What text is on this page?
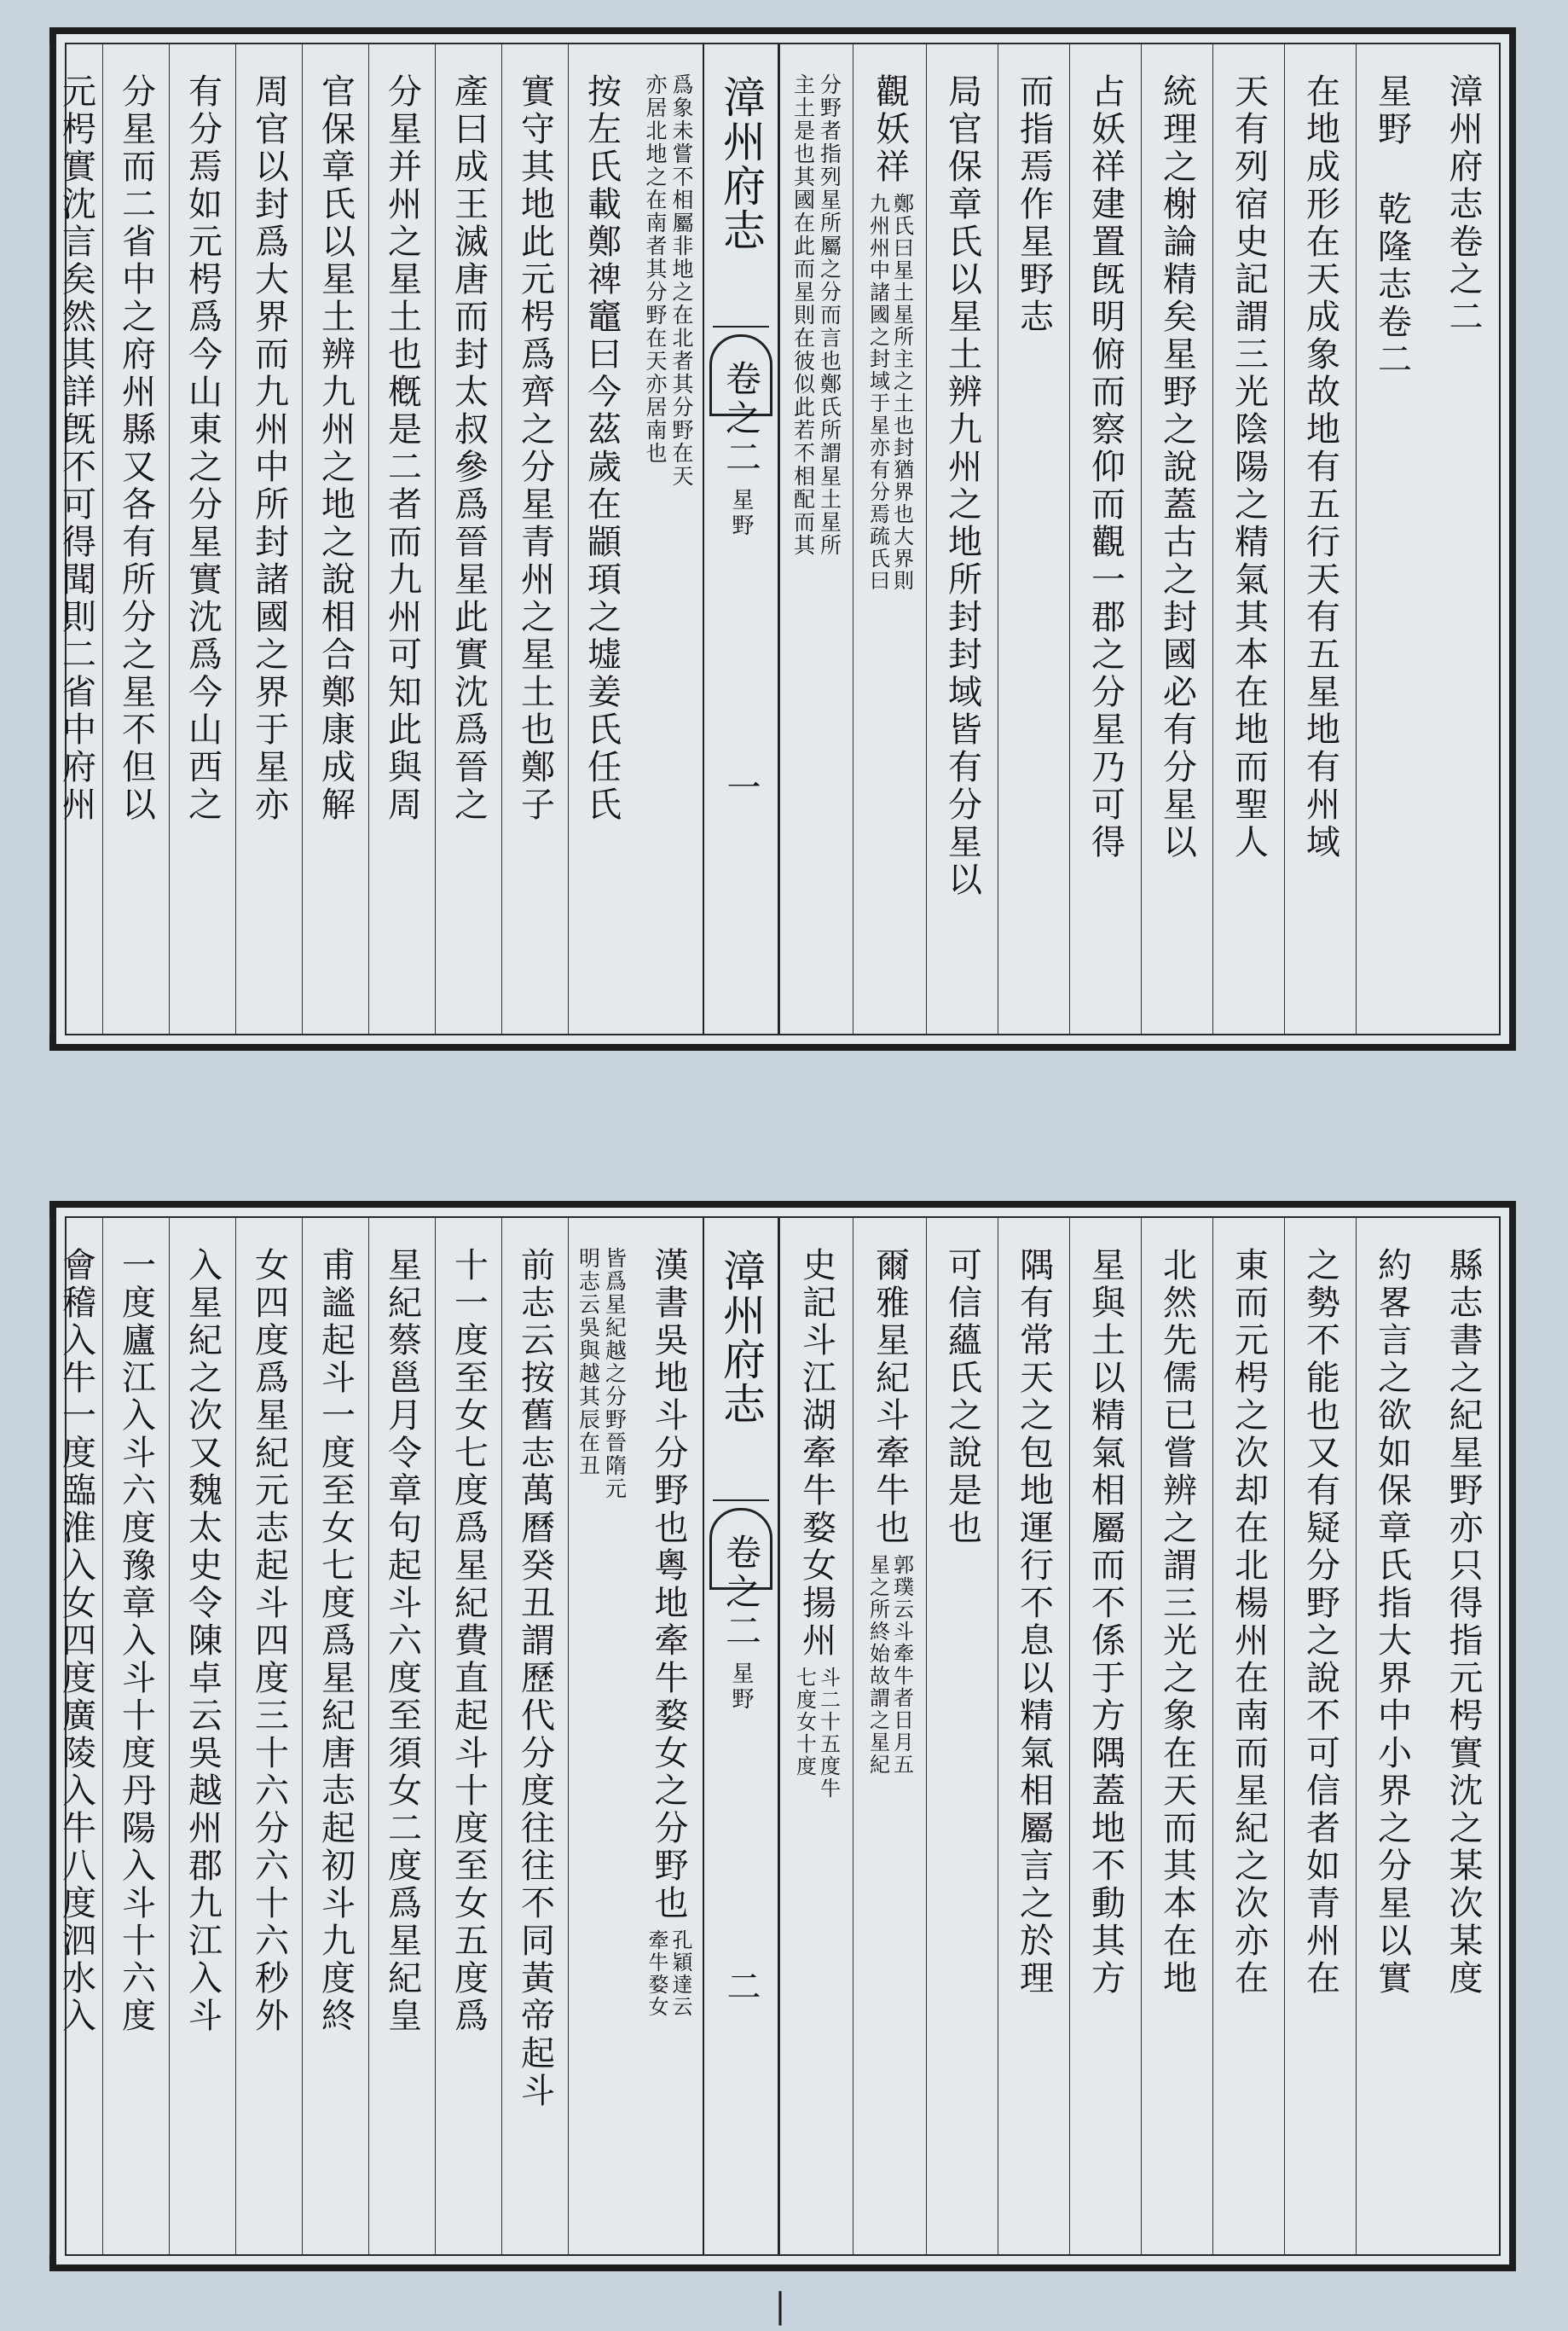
漳州府志卷之二
星野 乾隆志卷二
在地成形在天成象故地有五行天有五星地有州域
天有列宿史記謂三光陰陽之精氣其本在地而聖人
統理之榭論精矣星野之說蓋古之封國必有分星以
占妖祥建置旣明俯而察仰而觀一郡之分星乃可得
而指焉作星野志
局官保章氏以星土辨九州之地所封封域皆有分星以
觀妖祥
鄭氏曰星土星所主之土也封猶界也大界則
九州州中諸國之封域于星亦有分焉疏氏曰
分野者指列星所屬之分而言也鄭氏所謂星土星所
主土是也其國在此而星則在彼似此若不相配而其
漳州府志
卷之二
星野
一
爲象未嘗不相屬非地之在北者其分野在天
亦居北地之在南者其分野在天亦居南也
按左氏載鄭禆竈曰今茲歲在顓頊之墟姜氏任氏
實守其地此元枵爲齊之分星青州之星土也鄭子
產曰成王滅唐而封太叔參爲晉星此實沈爲晉之
分星并州之星土也槪是二者而九州可知此與周
官保章氏以星土辨九州之地之說相合鄭康成解
周官以封爲大界而九州中所封諸國之界于星亦
有分焉如元枵爲今山東之分星實沈爲今山西之
分星而二省中之府州縣又各有所分之星不但以
元枵實沈言矣然其詳旣不可得聞則二省中府州
縣志書之紀星野亦只得指元枵實沈之某次某度
約畧言之欲如保章氏指大界中小界之分星以實
之勢不能也又有疑分野之說不可信者如青州在
東而元枵之次却在北楊州在南而星紀之次亦在
北然先儒已嘗辨之謂三光之象在天而其本在地
星與土以精氣相屬而不係于方隅蓋地不動其方
隅有常天之包地運行不息以精氣相屬言之於理
可信蘊氏之說是也
爾雅星紀斗牽牛也
郭璞云斗牽牛者日月五
星之所終始故謂之星紀
史記斗江湖牽牛婺女揚州
斗二十五度牛
七度女十度
漳州府志
卷之二
星野
二
漢書吳地斗分野也粵地牽牛婺女之分野也
孔穎達云
牽牛婺女
皆爲星紀越之分野晉隋元
明志云吳與越其辰在丑
前志云按舊志萬曆癸丑謂歷代分度往往不同黃帝起斗
十一度至女七度爲星紀費直起斗十度至女五度爲
星紀蔡邕月令章句起斗六度至須女二度爲星紀皇
甫謐起斗一度至女七度爲星紀唐志起初斗九度終
女四度爲星紀元志起斗四度三十六分六十六秒外
入星紀之次又魏太史令陳卓云吳越州郡九江入斗
一度廬江入斗六度豫章入斗十度丹陽入斗十六度
會稽入牛一度臨淮入女四度廣陵入牛八度泗水入
|
